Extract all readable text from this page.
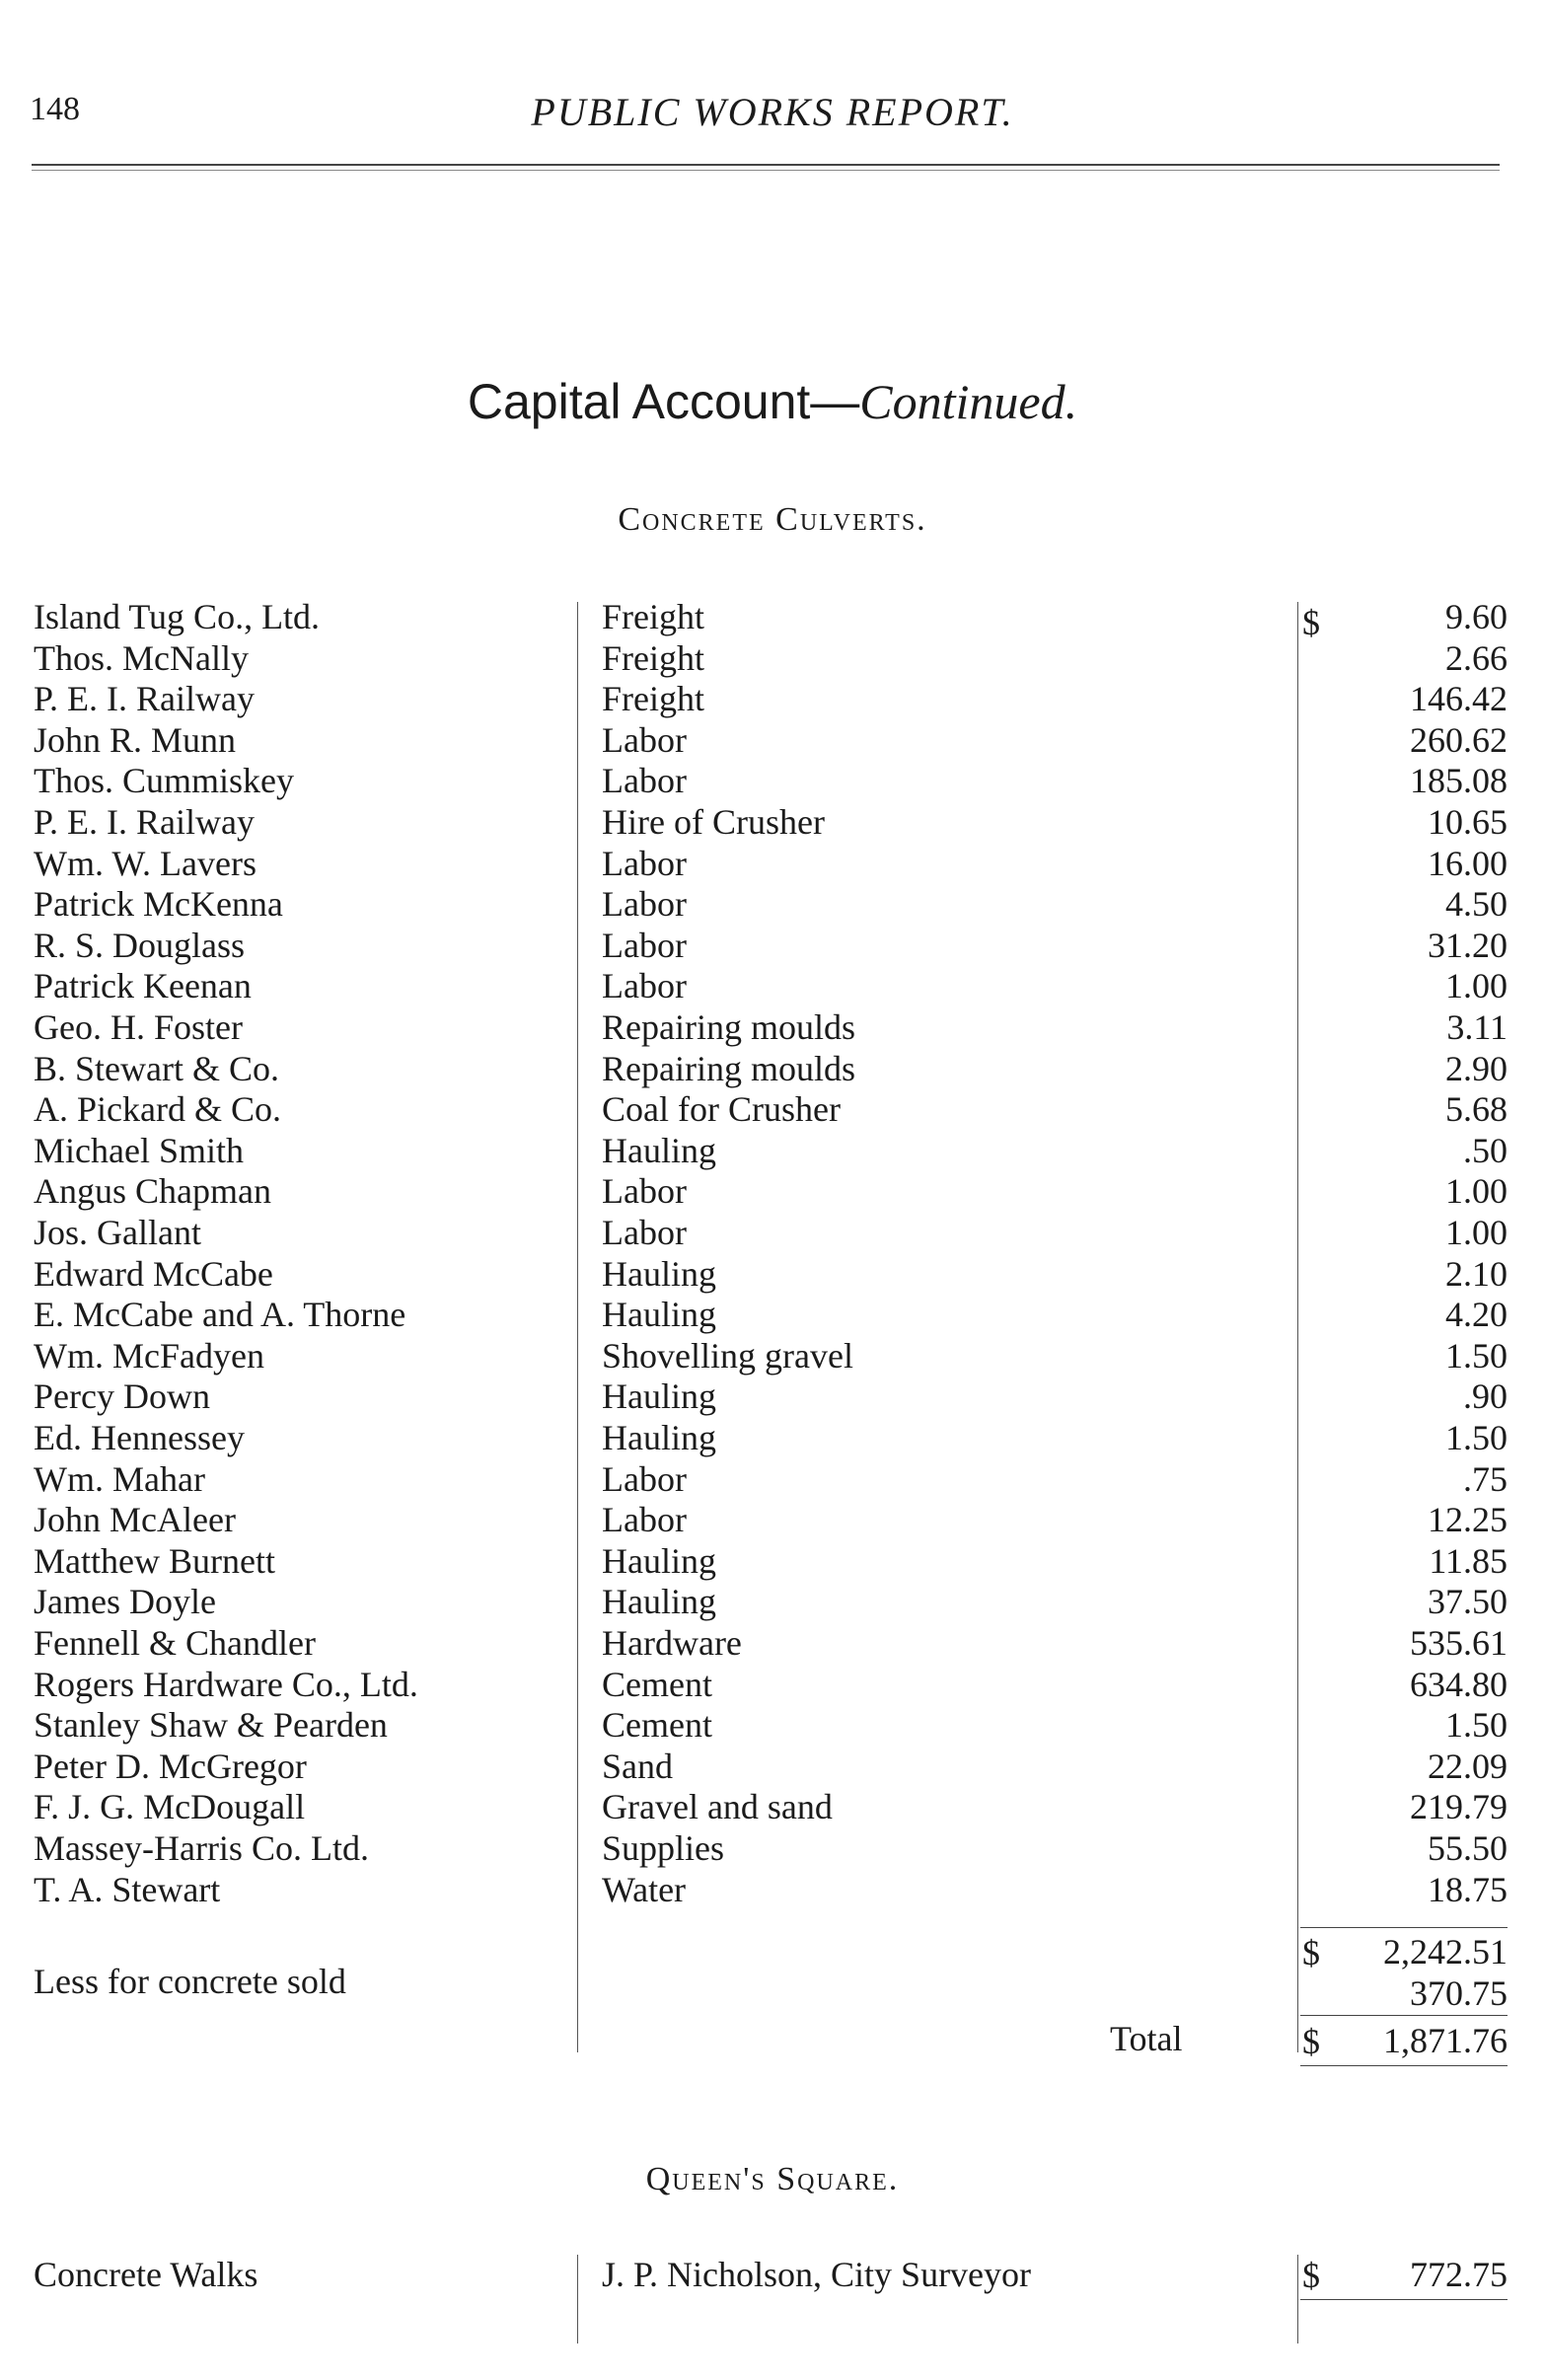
148	PUBLIC WORKS REPORT.
Capital Account—Continued.
Concrete Culverts.
Island Tug Co., Ltd.	Freight	9.60
Thos. McNally	Freight	2.66
P. E. I. Railway	Freight	146.42
John R. Munn	Labor	260.62
Thos. Cummiskey	Labor	185.08
P. E. I. Railway	Hire of Crusher	10.65
Wm. W. Lavers	Labor	16.00
Patrick McKenna	Labor	4.50
R. S. Douglass	Labor	31.20
Patrick Keenan	Labor	1.00
Geo. H. Foster	Repairing moulds	3.11
B. Stewart & Co.	Repairing moulds	2.90
A. Pickard & Co.	Coal for Crusher	5.68
Michael Smith	Hauling	.50
Angus Chapman	Labor	1.00
Jos. Gallant	Labor	1.00
Edward McCabe	Hauling	2.10
E. McCabe and A. Thorne	Hauling	4.20
Wm. McFadyen	Shovelling gravel	1.50
Percy Down	Hauling	.90
Ed. Hennessey	Hauling	1.50
Wm. Mahar	Labor	.75
John McAleer	Labor	12.25
Matthew Burnett	Hauling	11.85
James Doyle	Hauling	37.50
Fennell & Chandler	Hardware	535.61
Rogers Hardware Co., Ltd.	Cement	634.80
Stanley Shaw & Pearden	Cement	1.50
Peter D. McGregor	Sand	22.09
F. J. G. McDougall	Gravel and sand	219.79
Massey-Harris Co. Ltd.	Supplies	55.50
T. A. Stewart	Water	18.75
$
$	2,242.51
Less for concrete sold	370.75
Total	$	1,871.76
Queen's Square.
Concrete Walks	J. P. Nicholson, City Surveyor	$	772.75
